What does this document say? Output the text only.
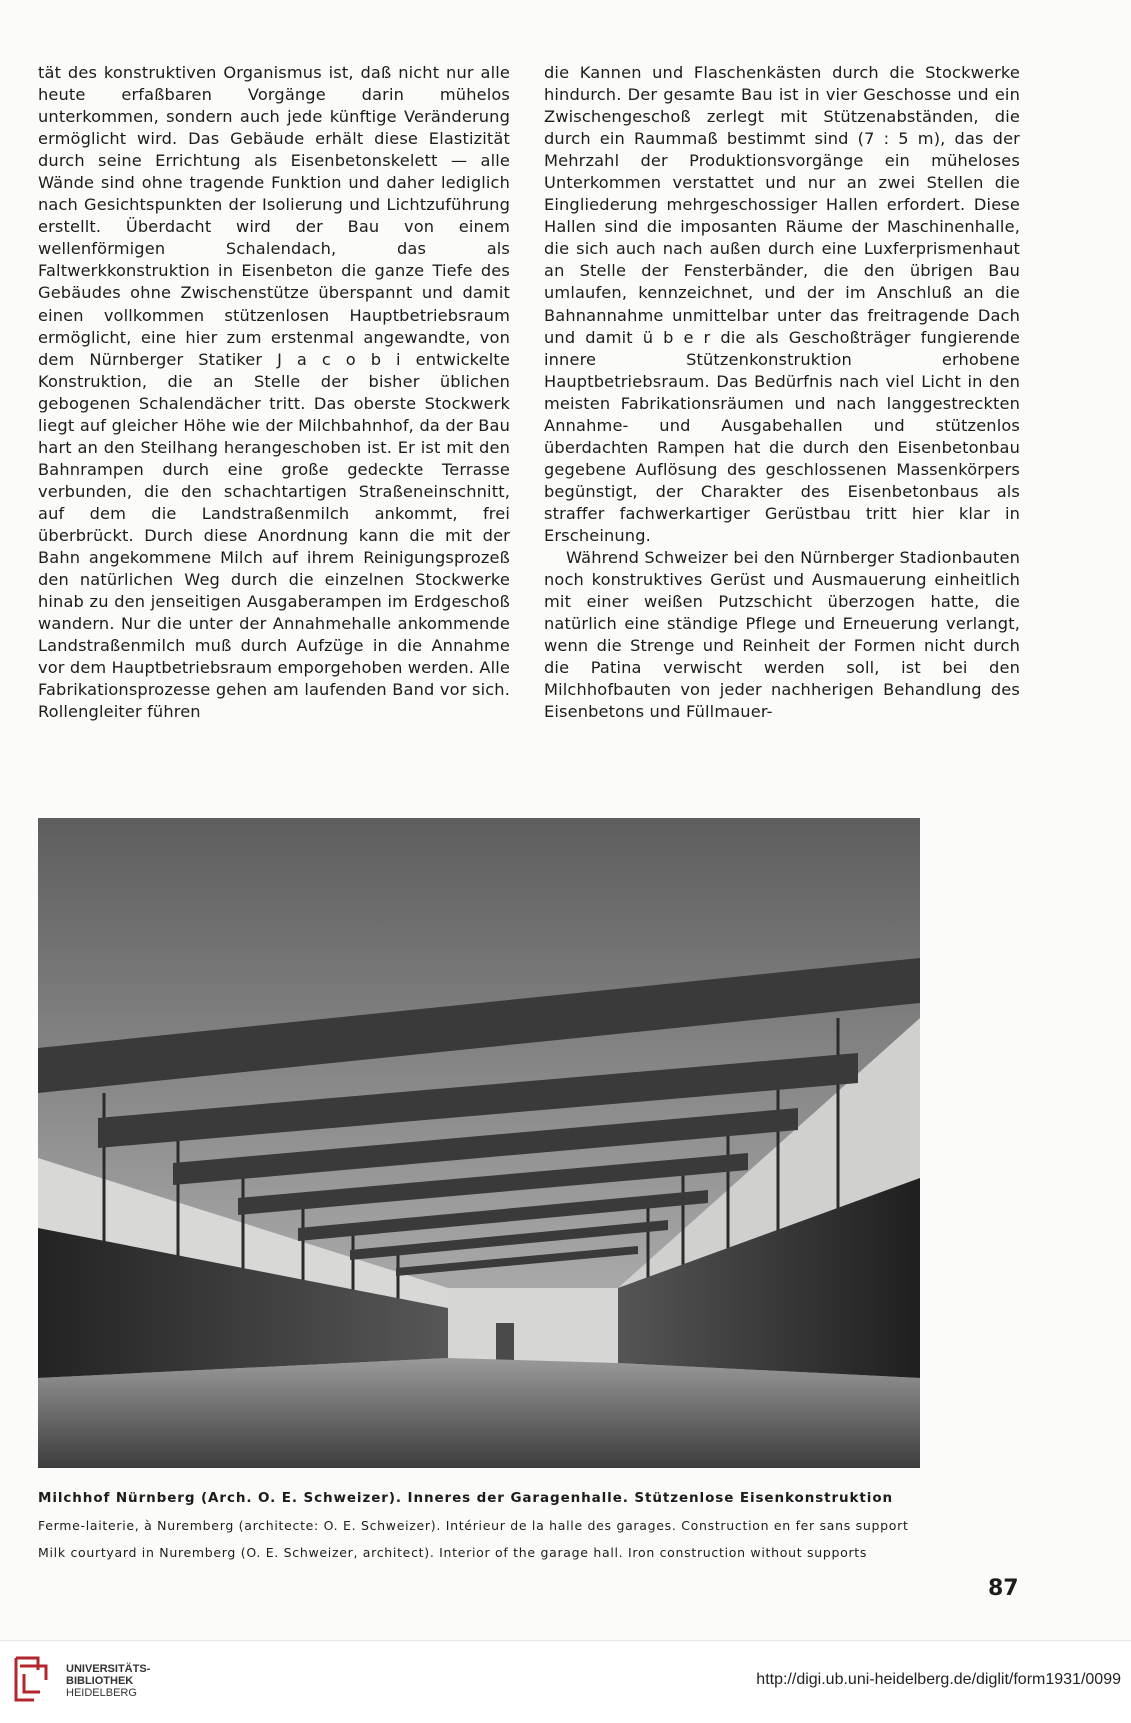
tät des konstruktiven Organismus ist, daß nicht nur alle heute erfaßbaren Vorgänge darin mühelos unterkommen, sondern auch jede künftige Veränderung ermöglicht wird. Das Gebäude erhält diese Elastizität durch seine Errichtung als Eisenbetonskelett — alle Wände sind ohne tragende Funktion und daher lediglich nach Gesichtspunkten der Isolierung und Lichtzuführung erstellt. Überdacht wird der Bau von einem wellenförmigen Schalendach, das als Faltwerkkonstruktion in Eisenbeton die ganze Tiefe des Gebäudes ohne Zwischenstütze überspannt und damit einen vollkommen stützenlosen Hauptbetriebsraum ermöglicht, eine hier zum erstenmal angewandte, von dem Nürnberger Statiker J a c o b i entwickelte Konstruktion, die an Stelle der bisher üblichen gebogenen Schalendächer tritt. Das oberste Stockwerk liegt auf gleicher Höhe wie der Milchbahnhof, da der Bau hart an den Steilhang herangeschoben ist. Er ist mit den Bahnrampen durch eine große gedeckte Terrasse verbunden, die den schachtartigen Straßeneinschnitt, auf dem die Landstraßenmilch ankommt, frei überbrückt. Durch diese Anordnung kann die mit der Bahn angekommene Milch auf ihrem Reinigungsprozeß den natürlichen Weg durch die einzelnen Stockwerke hinab zu den jenseitigen Ausgaberampen im Erdgeschoß wandern. Nur die unter der Annahmehalle ankommende Landstraßenmilch muß durch Aufzüge in die Annahme vor dem Hauptbetriebsraum emporgehoben werden. Alle Fabrikationsprozesse gehen am laufenden Band vor sich. Rollengleiter führen

die Kannen und Flaschenkästen durch die Stockwerke hindurch. Der gesamte Bau ist in vier Geschosse und ein Zwischengeschoß zerlegt mit Stützenabständen, die durch ein Raummaß bestimmt sind (7 : 5 m), das der Mehrzahl der Produktionsvorgänge ein müheloses Unterkommen verstattet und nur an zwei Stellen die Eingliederung mehrgeschossiger Hallen erfordert. Diese Hallen sind die imposanten Räume der Maschinenhalle, die sich auch nach außen durch eine Luxferprismenhaut an Stelle der Fensterbänder, die den übrigen Bau umlaufen, kennzeichnet, und der im Anschluß an die Bahnannahme unmittelbar unter das freitragende Dach und damit ü b e r die als Geschoßträger fungierende innere Stützenkonstruktion erhobene Hauptbetriebsraum. Das Bedürfnis nach viel Licht in den meisten Fabrikationsräumen und nach langgestreckten Annahme- und Ausgabehallen und stützenlos überdachten Rampen hat die durch den Eisenbetonbau gegebene Auflösung des geschlossenen Massenkörpers begünstigt, der Charakter des Eisenbetonbaus als straffer fachwerkartiger Gerüstbau tritt hier klar in Erscheinung.

Während Schweizer bei den Nürnberger Stadionbauten noch konstruktives Gerüst und Ausmauerung einheitlich mit einer weißen Putzschicht überzogen hatte, die natürlich eine ständige Pflege und Erneuerung verlangt, wenn die Strenge und Reinheit der Formen nicht durch die Patina verwischt werden soll, ist bei den Milchhofbauten von jeder nachherigen Behandlung des Eisenbetons und Füllmauer-

Milchhof Nürnberg (Arch. O. E. Schweizer). Inneres der Garagenhalle. Stützenlose Eisenkonstruktion
Ferme-laiterie, à Nuremberg (architecte: O. E. Schweizer). Intérieur de la halle des garages. Construction en fer sans support
Milk courtyard in Nuremberg (O. E. Schweizer, architect). Interior of the garage hall. Iron construction without supports
87
UNIVERSITÄTS-
BIBLIOTHEK
HEIDELBERG
http://digi.ub.uni-heidelberg.de/diglit/form1931/0099
